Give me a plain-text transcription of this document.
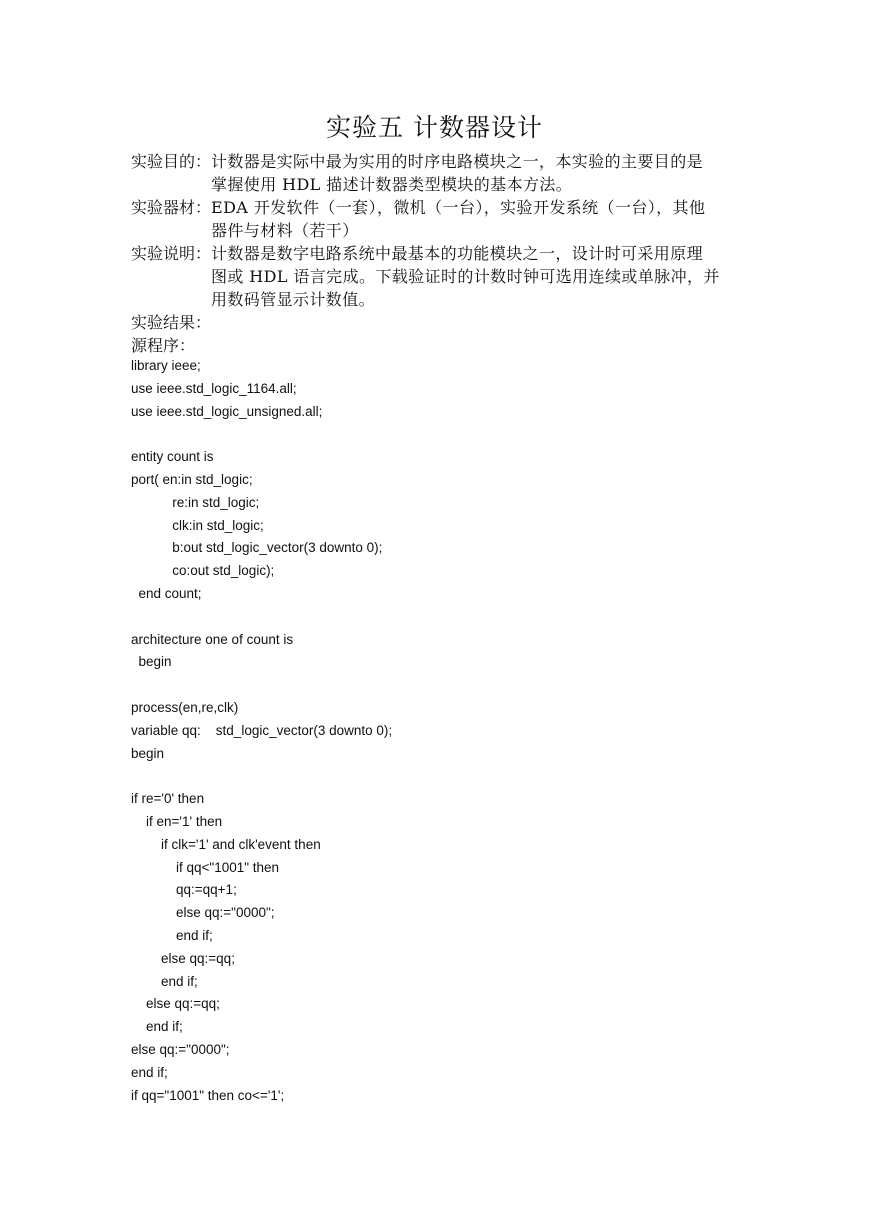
实验五 计数器设计
实验目的： 计数器是实际中最为实用的时序电路模块之一，本实验的主要目的是
掌握使用 HDL 描述计数器类型模块的基本方法。
实验器材： EDA 开发软件（一套），微机（一台），实验开发系统（一台），其他
器件与材料（若干）
实验说明： 计数器是数字电路系统中最基本的功能模块之一，设计时可采用原理
图或 HDL 语言完成。下载验证时的计数时钟可选用连续或单脉冲，并
用数码管显示计数值。
实验结果：
源程序：
library ieee;
use ieee.std_logic_1164.all;
use ieee.std_logic_unsigned.all;
entity count is
port( en:in std_logic;
re:in std_logic;
clk:in std_logic;
b:out std_logic_vector(3 downto 0);
co:out std_logic);
end count;
architecture one of count is
begin
process(en,re,clk)
variable qq:    std_logic_vector(3 downto 0);
begin
if re='0' then
if en='1' then
if clk='1' and clk'event then
if qq<"1001" then
qq:=qq+1;
else qq:="0000";
end if;
else qq:=qq;
end if;
else qq:=qq;
end if;
else qq:="0000";
end if;
if qq="1001" then co<='1';
